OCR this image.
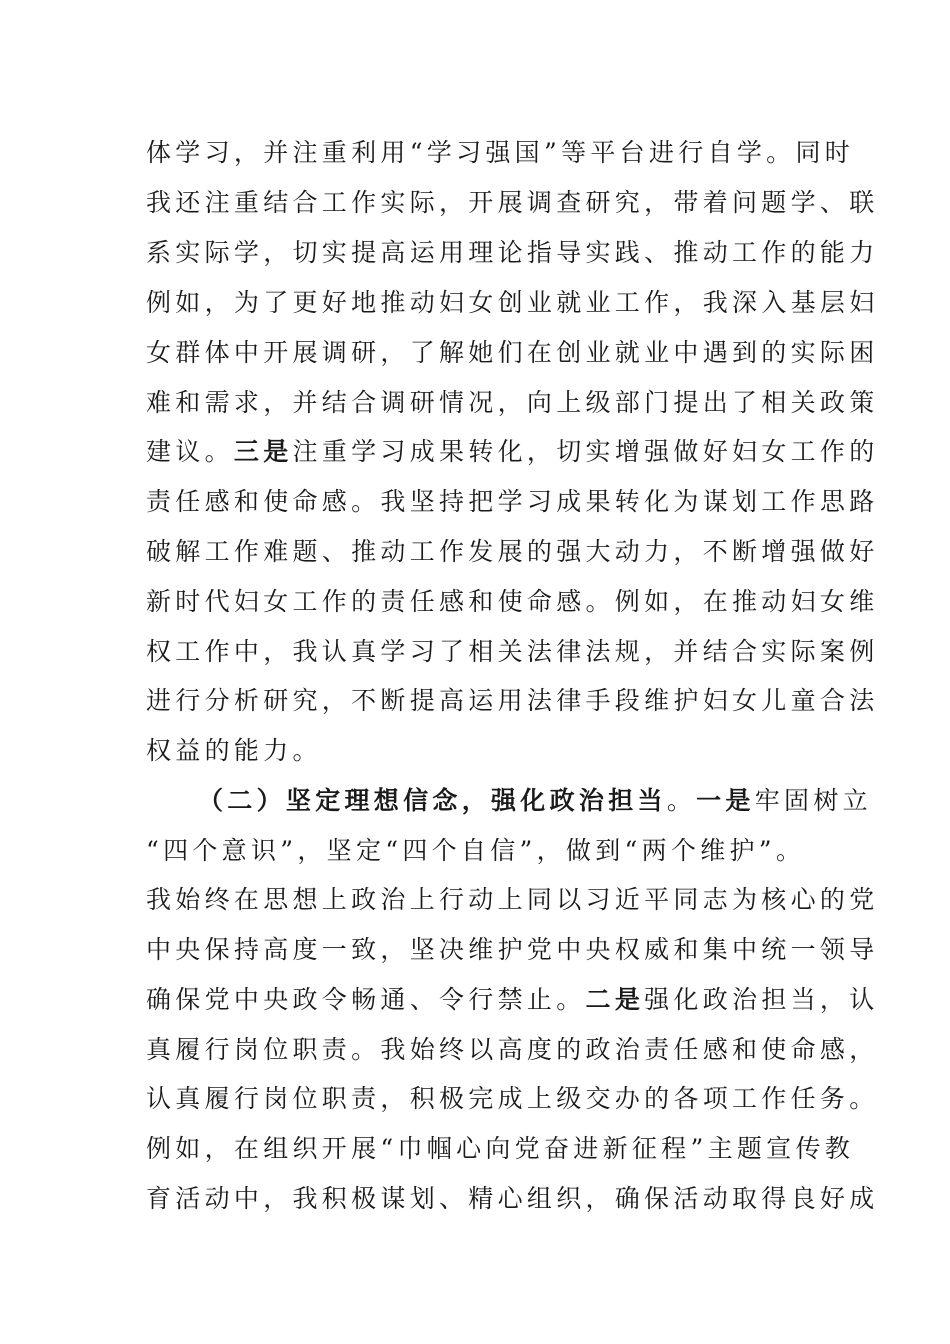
体学习，并注重利用“学习强国”等平台进行自学。同时
我还注重结合工作实际，开展调查研究，带着问题学、联
系实际学，切实提高运用理论指导实践、推动工作的能力
例如，为了更好地推动妇女创业就业工作，我深入基层妇
女群体中开展调研，了解她们在创业就业中遇到的实际困
难和需求，并结合调研情况，向上级部门提出了相关政策
建议。三是注重学习成果转化，切实增强做好妇女工作的
责任感和使命感。我坚持把学习成果转化为谋划工作思路
破解工作难题、推动工作发展的强大动力，不断增强做好
新时代妇女工作的责任感和使命感。例如，在推动妇女维
权工作中，我认真学习了相关法律法规，并结合实际案例
进行分析研究，不断提高运用法律手段维护妇女儿童合法
权益的能力。
（二）坚定理想信念，强化政治担当。一是牢固树立
“四个意识”，坚定“四个自信”，做到“两个维护”。
我始终在思想上政治上行动上同以习近平同志为核心的党
中央保持高度一致，坚决维护党中央权威和集中统一领导
确保党中央政令畅通、令行禁止。二是强化政治担当，认
真履行岗位职责。我始终以高度的政治责任感和使命感，
认真履行岗位职责，积极完成上级交办的各项工作任务。
例如，在组织开展“巾帼心向党奋进新征程”主题宣传教
育活动中，我积极谋划、精心组织，确保活动取得良好成
